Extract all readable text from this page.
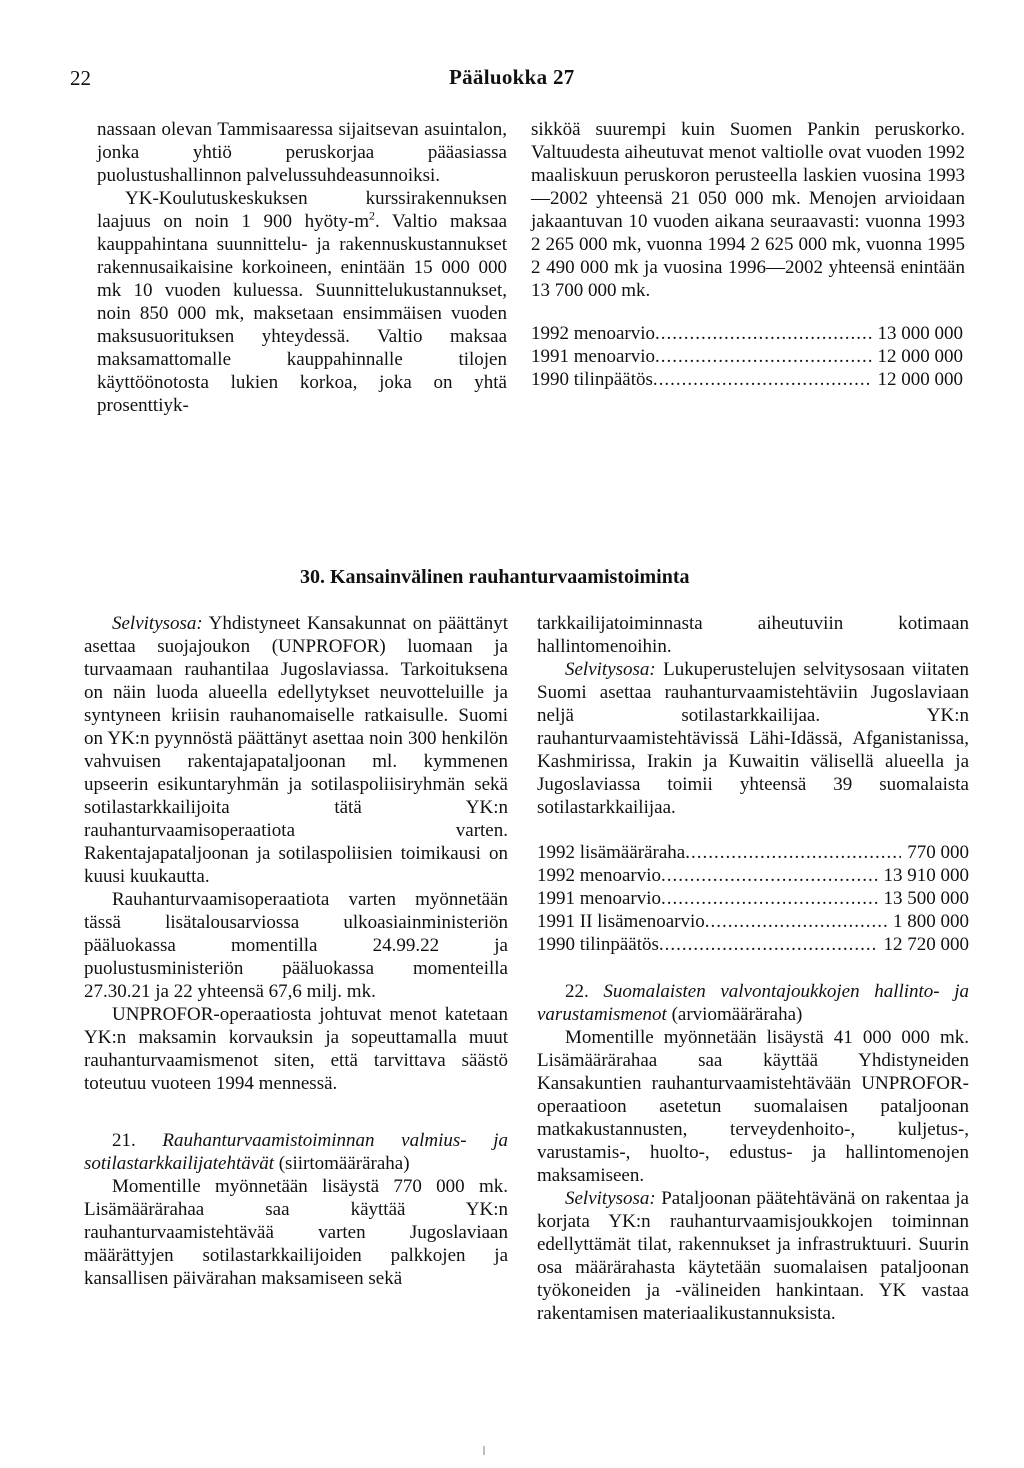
22	Pääluokka 27

nassaan olevan Tammisaaressa sijaitsevan asuintalon, jonka yhtiö peruskorjaa pääasiassa puolustushallinnon palvelussuhdeasunnoiksi.

YK-Koulutuskeskuksen kurssirakennuksen laajuus on noin 1 900 hyöty-$m^2$. Valtio maksaa kauppahintana suunnittelu- ja rakennuskustannukset rakennusaikaisine korkoineen, enintään 15 000 000 mk 10 vuoden kuluessa. Suunnittelukustannukset, noin 850 000 mk, maksetaan ensimmäisen vuoden maksusuorituksen yhteydessä. Valtio maksaa maksamattomalle kauppahinnalle tilojen käyttöönotosta lukien korkoa, joka on yhtä prosenttiyk-

sikköä suurempi kuin Suomen Pankin peruskorko. Valtuudesta aiheutuvat menot valtiolle ovat vuoden 1992 maaliskuun peruskoron perusteella laskien vuosina 1993—2002 yhteensä 21 050 000 mk. Menojen arvioidaan jakaantuvan 10 vuoden aikana seuraavasti: vuonna 1993 2 265 000 mk, vuonna 1994 2 625 000 mk, vuonna 1995 2 490 000 mk ja vuosina 1996—2002 yhteensä enintään 13 700 000 mk.

1992 menoarvio .....	13 000 000
1991 menoarvio .....	12 000 000
1990 tilinpäätös .....	12 000 000
30. Kansainvälinen rauhanturvaamistoiminta

Selvitysosa: Yhdistyneet Kansakunnat on päättänyt asettaa suojajoukon (UNPROFOR) luomaan ja turvaamaan rauhantilaa Jugoslaviassa. Tarkoituksena on näin luoda alueella edellytykset neuvotteluille ja syntyneen kriisin rauhanomaiselle ratkaisulle. Suomi on YK:n pyynnöstä päättänyt asettaa noin 300 henkilön vahvuisen rakentajapataljoonan ml. kymmenen upseerin esikuntaryhmän ja sotilaspoliisiryhmän sekä sotilastarkkailijoita tätä YK:n rauhanturvaamisoperaatiota varten. Rakentajapataljoonan ja sotilaspoliisien toimikausi on kuusi kuukautta.

Rauhanturvaamisoperaatiota varten myönnetään tässä lisätalousarviossa ulkoasiainministeriön pääluokassa momentilla 24.99.22 ja puolustusministeriön pääluokassa momenteilla 27.30.21 ja 22 yhteensä 67,6 milj. mk.

UNPROFOR-operaatiosta johtuvat menot katetaan YK:n maksamin korvauksin ja sopeuttamalla muut rauhanturvaamismenot siten, että tarvittava säästö toteutuu vuoteen 1994 mennessä.

21. Rauhanturvaamistoiminnan valmius- ja sotilastarkkailijatehtävät (siirtomääräraha)

Momentille myönnetään lisäystä 770 000 mk. Lisämäärärahaa saa käyttää YK:n rauhanturvaamistehtävää varten Jugoslaviaan määrättyjen sotilastarkkailijoiden palkkojen ja kansallisen päivärahan maksamiseen sekä

tarkkailijatoiminnasta aiheutuviin kotimaan hallintomenoihin.

Selvitysosa: Lukuperustelujen selvitysosaan viitaten Suomi asettaa rauhanturvaamistehtäviin Jugoslaviaan neljä sotilastarkkailijaa. YK:n rauhanturvaamistehtävissä Lähi-Idässä, Afganistanissa, Kashmirissa, Irakin ja Kuwaitin välisellä alueella ja Jugoslaviassa toimii yhteensä 39 suomalaista sotilastarkkailijaa.

1992 lisämääräraha .....	770 000
1992 menoarvio .....	13 910 000
1991 menoarvio .....	13 500 000
1991 II lisämenoarvio .....	1 800 000
1990 tilinpäätös .....	12 720 000

22. Suomalaisten valvontajoukkojen hallinto- ja varustamismenot (arviomääräraha)

Momentille myönnetään lisäystä 41 000 000 mk. Lisämäärärahaa saa käyttää Yhdistyneiden Kansakuntien rauhanturvaamistehtävään UNPROFOR-operaatioon asetetun suomalaisen pataljoonan matkakustannusten, terveydenhoito-, kuljetus-, varustamis-, huolto-, edustus- ja hallintomenojen maksamiseen.

Selvitysosa: Pataljoonan päätehtävänä on rakentaa ja korjata YK:n rauhanturvaamisjoukkojen toiminnan edellyttämät tilat, rakennukset ja infrastruktuuri. Suurin osa määrärahasta käytetään suomalaisen pataljoonan työkoneiden ja -välineiden hankintaan. YK vastaa rakentamisen materiaalikustannuksista.
